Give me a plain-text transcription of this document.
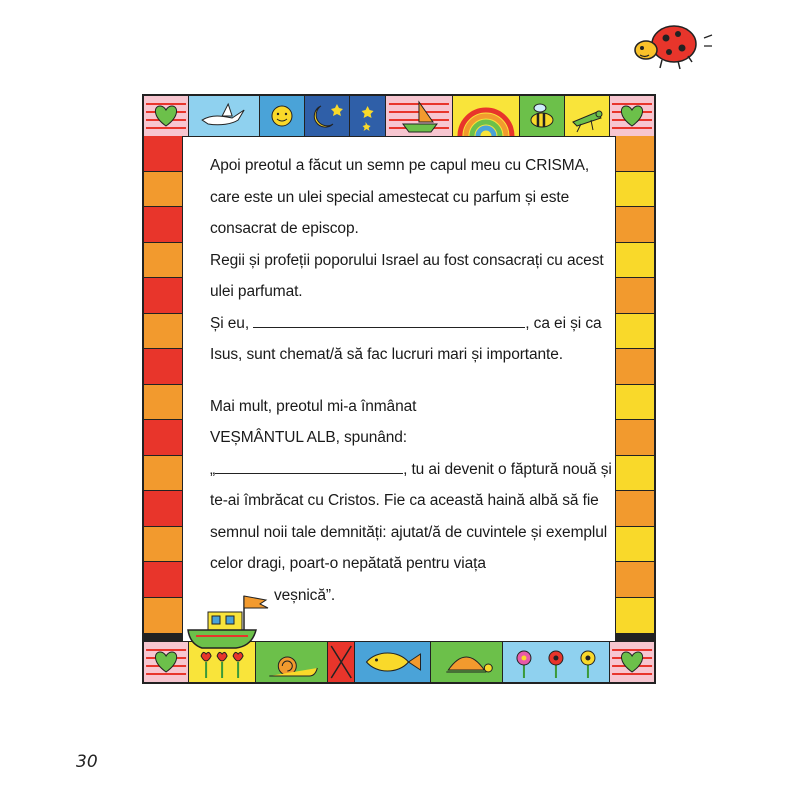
Apoi preotul a făcut un semn pe capul meu cu CRISMA, care este un ulei special amestecat cu parfum și este consacrat de episcop.

Regii și profeții poporului Israel au fost consacrați cu acest ulei parfumat.

Și eu,	, ca ei și ca Isus, sunt chemat/ă să fac lucruri mari și importante.

Mai mult, preotul mi-a înmânat

VEȘMÂNTUL ALB, spunând:

„	, tu ai devenit o făptură nouă și te-ai îmbrăcat cu Cristos. Fie ca această haină albă să fie semnul noii tale demnități: ajutat/ă de cuvintele și exemplul celor dragi, poart-o nepătată pentru viața

veșnică”.

30
